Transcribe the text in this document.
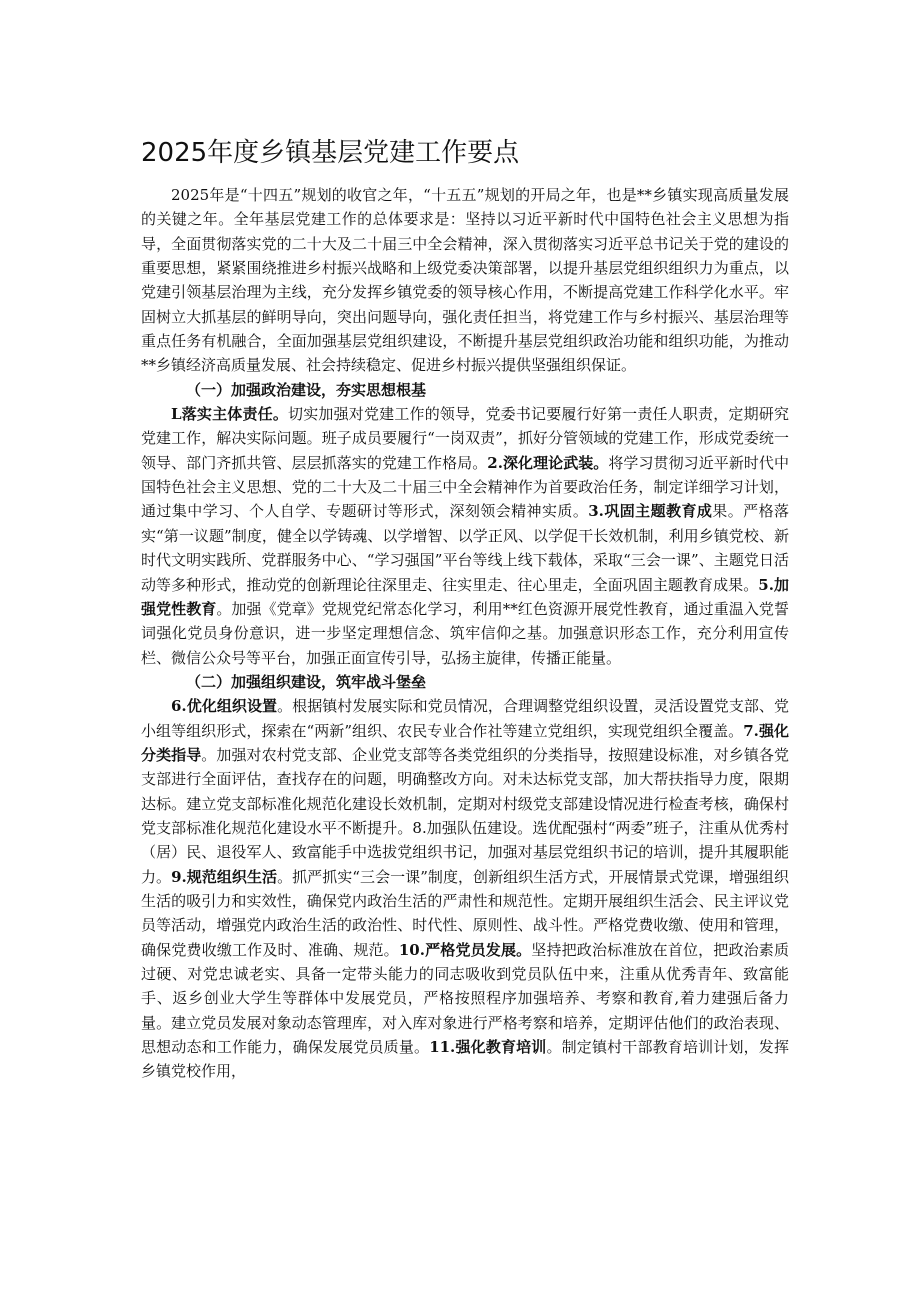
2025年度乡镇基层党建工作要点

2025年是“十四五”规划的收官之年，“十五五”规划的开局之年，也是**乡镇实现高质量发展的关键之年。全年基层党建工作的总体要求是：坚持以习近平新时代中国特色社会主义思想为指导，全面贯彻落实党的二十大及二十届三中全会精神，深入贯彻落实习近平总书记关于党的建设的重要思想，紧紧围绕推进乡村振兴战略和上级党委决策部署，以提升基层党组织组织力为重点，以党建引领基层治理为主线，充分发挥乡镇党委的领导核心作用，不断提高党建工作科学化水平。牢固树立大抓基层的鲜明导向，突出问题导向，强化责任担当，将党建工作与乡村振兴、基层治理等重点任务有机融合，全面加强基层党组织建设，不断提升基层党组织政治功能和组织功能，为推动**乡镇经济高质量发展、社会持续稳定、促进乡村振兴提供坚强组织保证。

（一）加强政治建设，夯实思想根基

L落实主体责任。切实加强对党建工作的领导，党委书记要履行好第一责任人职责，定期研究党建工作，解决实际问题。班子成员要履行“一岗双责”，抓好分管领域的党建工作，形成党委统一领导、部门齐抓共管、层层抓落实的党建工作格局。2.深化理论武装。将学习贯彻习近平新时代中国特色社会主义思想、党的二十大及二十届三中全会精神作为首要政治任务，制定详细学习计划，通过集中学习、个人自学、专题研讨等形式，深刻领会精神实质。3.巩固主题教育成果。严格落实“第一议题”制度，健全以学铸魂、以学增智、以学正风、以学促干长效机制，利用乡镇党校、新时代文明实践所、党群服务中心、“学习强国”平台等线上线下载体，采取“三会一课”、主题党日活动等多种形式，推动党的创新理论往深里走、往实里走、往心里走，全面巩固主题教育成果。5.加强党性教育。加强《党章》党规党纪常态化学习，利用**红色资源开展党性教育，通过重温入党誓词强化党员身份意识，进一步坚定理想信念、筑牢信仰之基。加强意识形态工作，充分利用宣传栏、微信公众号等平台，加强正面宣传引导，弘扬主旋律，传播正能量。

（二）加强组织建设，筑牢战斗堡垒

6.优化组织设置。根据镇村发展实际和党员情况，合理调整党组织设置，灵活设置党支部、党小组等组织形式，探索在“两新”组织、农民专业合作社等建立党组织，实现党组织全覆盖。7.强化分类指导。加强对农村党支部、企业党支部等各类党组织的分类指导，按照建设标准，对乡镇各党支部进行全面评估，查找存在的问题，明确整改方向。对未达标党支部，加大帮扶指导力度，限期达标。建立党支部标准化规范化建设长效机制，定期对村级党支部建设情况进行检查考核，确保村党支部标准化规范化建设水平不断提升。8.加强队伍建设。选优配强村“两委”班子，注重从优秀村（居）民、退役军人、致富能手中选拔党组织书记，加强对基层党组织书记的培训，提升其履职能力。9.规范组织生活。抓严抓实“三会一课”制度，创新组织生活方式，开展情景式党课，增强组织生活的吸引力和实效性，确保党内政治生活的严肃性和规范性。定期开展组织生活会、民主评议党员等活动，增强党内政治生活的政治性、时代性、原则性、战斗性。严格党费收缴、使用和管理，确保党费收缴工作及时、准确、规范。10.严格党员发展。坚持把政治标准放在首位，把政治素质过硬、对党忠诚老实、具备一定带头能力的同志吸收到党员队伍中来，注重从优秀青年、致富能手、返乡创业大学生等群体中发展党员，严格按照程序加强培养、考察和教育,着力建强后备力量。建立党员发展对象动态管理库，对入库对象进行严格考察和培养，定期评估他们的政治表现、思想动态和工作能力，确保发展党员质量。11.强化教育培训。制定镇村干部教育培训计划，发挥乡镇党校作用，
